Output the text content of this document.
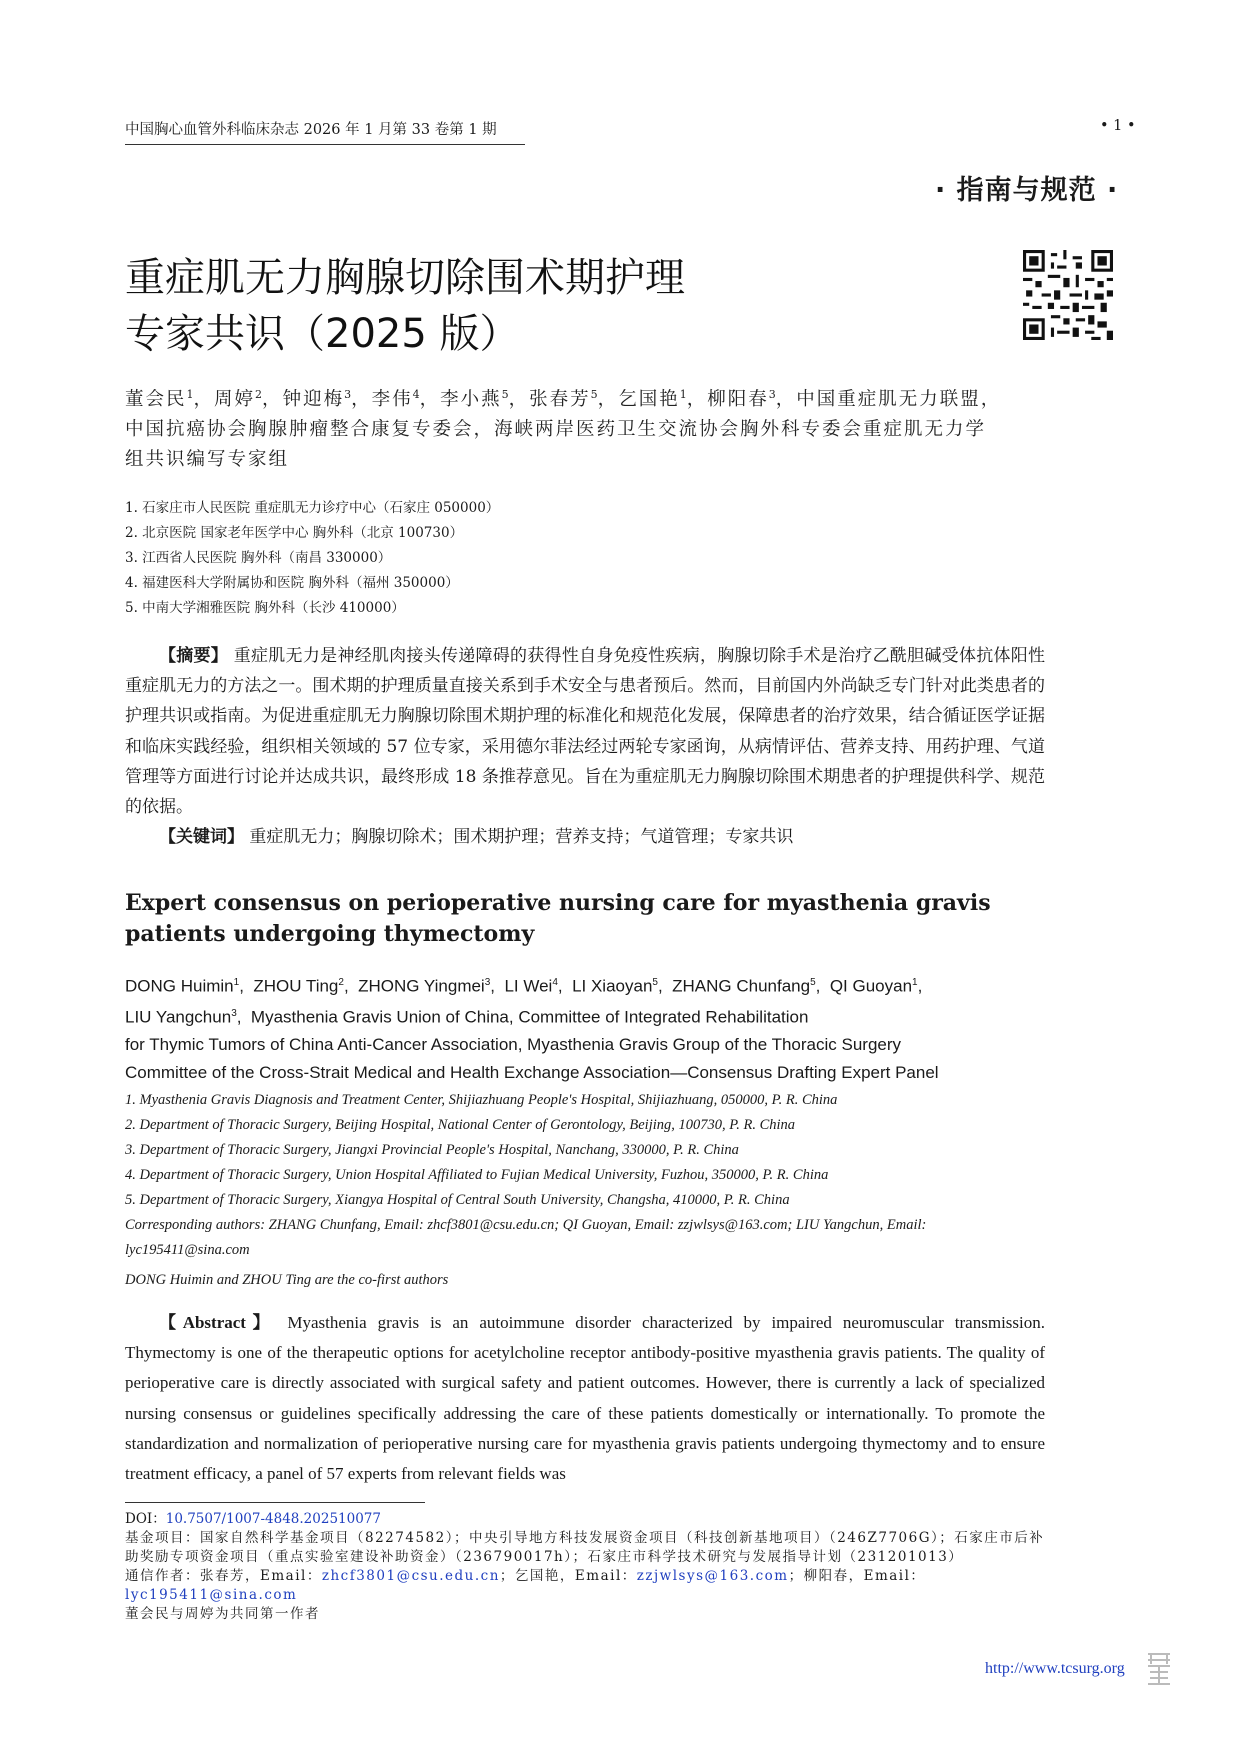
中国胸心血管外科临床杂志 2026 年 1 月第 33 卷第 1 期	• 1 •
· 指南与规范 ·
重症肌无力胸腺切除围术期护理
专家共识（2025 版）
董会民$^1$，周婷$^2$，钟迎梅$^3$，李伟$^4$，李小燕$^5$，张春芳$^5$，乞国艳$^1$，柳阳春$^3$，中国重症肌无力联盟，中国抗癌协会胸腺肿瘤整合康复专委会，海峡两岸医药卫生交流协会胸外科专委会重症肌无力学组共识编写专家组
1. 石家庄市人民医院 重症肌无力诊疗中心（石家庄 050000）
2. 北京医院 国家老年医学中心 胸外科（北京 100730）
3. 江西省人民医院 胸外科（南昌 330000）
4. 福建医科大学附属协和医院 胸外科（福州 350000）
5. 中南大学湘雅医院 胸外科（长沙 410000）
【摘要】 重症肌无力是神经肌肉接头传递障碍的获得性自身免疫性疾病，胸腺切除手术是治疗乙酰胆碱受体抗体阳性重症肌无力的方法之一。围术期的护理质量直接关系到手术安全与患者预后。然而，目前国内外尚缺乏专门针对此类患者的护理共识或指南。为促进重症肌无力胸腺切除围术期护理的标准化和规范化发展，保障患者的治疗效果，结合循证医学证据和临床实践经验，组织相关领域的 57 位专家，采用德尔菲法经过两轮专家函询，从病情评估、营养支持、用药护理、气道管理等方面进行讨论并达成共识，最终形成 18 条推荐意见。旨在为重症肌无力胸腺切除围术期患者的护理提供科学、规范的依据。
【关键词】 重症肌无力；胸腺切除术；围术期护理；营养支持；气道管理；专家共识
Expert consensus on perioperative nursing care for myasthenia gravis patients undergoing thymectomy
DONG Huimin$^1$,  ZHOU Ting$^2$,  ZHONG Yingmei$^3$,  LI Wei$^4$,  LI Xiaoyan$^5$,  ZHANG Chunfang$^5$,  QI Guoyan$^1$,
LIU Yangchun$^3$,  Myasthenia Gravis Union of China, Committee of Integrated Rehabilitation
for Thymic Tumors of China Anti-Cancer Association, Myasthenia Gravis Group of the Thoracic Surgery
Committee of the Cross-Strait Medical and Health Exchange Association—Consensus Drafting Expert Panel
1. Myasthenia Gravis Diagnosis and Treatment Center, Shijiazhuang People's Hospital, Shijiazhuang, 050000, P. R. China
2. Department of Thoracic Surgery, Beijing Hospital, National Center of Gerontology, Beijing, 100730, P. R. China
3. Department of Thoracic Surgery, Jiangxi Provincial People's Hospital, Nanchang, 330000, P. R. China
4. Department of Thoracic Surgery, Union Hospital Affiliated to Fujian Medical University, Fuzhou, 350000, P. R. China
5. Department of Thoracic Surgery, Xiangya Hospital of Central South University, Changsha, 410000, P. R. China
Corresponding authors: ZHANG Chunfang, Email: zhcf3801@csu.edu.cn; QI Guoyan, Email: zzjwlsys@163.com; LIU Yangchun, Email: lyc195411@sina.com
DONG Huimin and ZHOU Ting are the co-first authors
【Abstract】 Myasthenia gravis is an autoimmune disorder characterized by impaired neuromuscular transmission. Thymectomy is one of the therapeutic options for acetylcholine receptor antibody-positive myasthenia gravis patients. The quality of perioperative care is directly associated with surgical safety and patient outcomes. However, there is currently a lack of specialized nursing consensus or guidelines specifically addressing the care of these patients domestically or internationally. To promote the standardization and normalization of perioperative nursing care for myasthenia gravis patients undergoing thymectomy and to ensure treatment efficacy, a panel of 57 experts from relevant fields was
DOI：10.7507/1007-4848.202510077
基金项目：国家自然科学基金项目（82274582）；中央引导地方科技发展资金项目（科技创新基地项目）（246Z7706G）；石家庄市后补助奖励专项资金项目（重点实验室建设补助资金）（236790017h）；石家庄市科学技术研究与发展指导计划（231201013）
通信作者：张春芳，Email：zhcf3801@csu.edu.cn；乞国艳，Email：zzjwlsys@163.com；柳阳春，Email：lyc195411@sina.com
董会民与周婷为共同第一作者
http://www.tcsurg.org
